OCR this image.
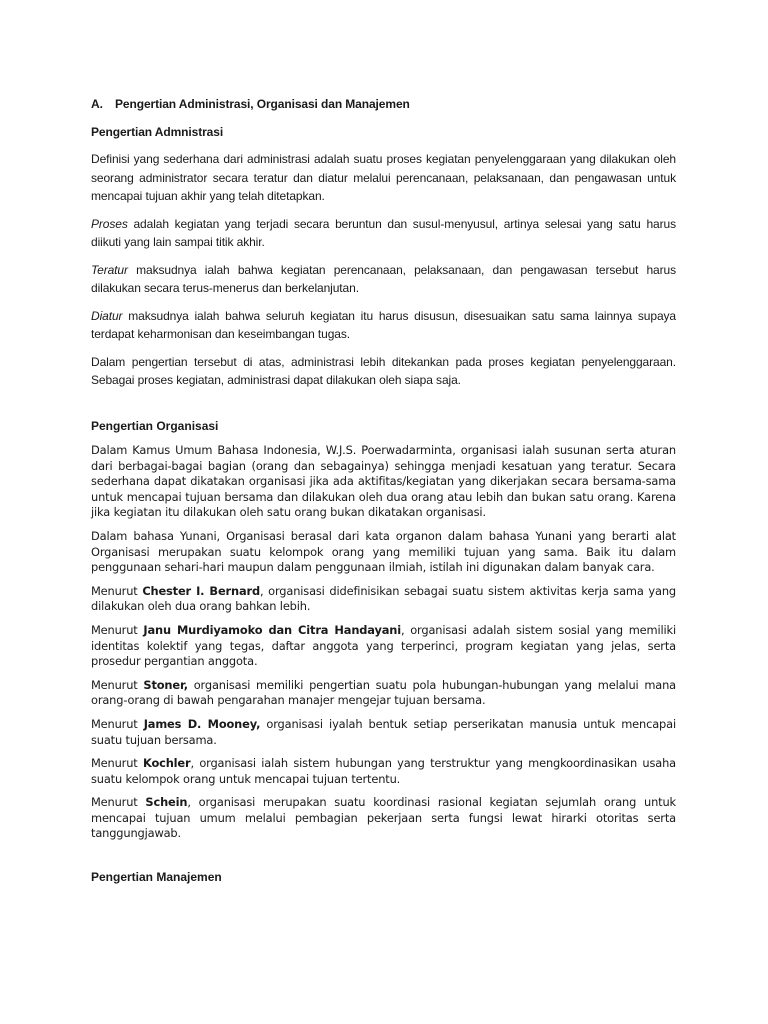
A.	Pengertian Administrasi, Organisasi dan Manajemen
Pengertian Admnistrasi

Definisi yang sederhana dari administrasi adalah suatu proses kegiatan penyelenggaraan yang dilakukan oleh seorang administrator secara teratur dan diatur melalui perencanaan, pelaksanaan, dan pengawasan untuk mencapai tujuan akhir yang telah ditetapkan.

Proses adalah kegiatan yang terjadi secara beruntun dan susul-menyusul, artinya selesai yang satu harus diikuti yang lain sampai titik akhir.

Teratur maksudnya ialah bahwa kegiatan perencanaan, pelaksanaan, dan pengawasan tersebut harus dilakukan secara terus-menerus dan berkelanjutan.

Diatur maksudnya ialah bahwa seluruh kegiatan itu harus disusun, disesuaikan satu sama lainnya supaya terdapat keharmonisan dan keseimbangan tugas.

Dalam pengertian tersebut di atas, administrasi lebih ditekankan pada proses kegiatan penyelenggaraan. Sebagai proses kegiatan, administrasi dapat dilakukan oleh siapa saja.

Pengertian Organisasi

Dalam Kamus Umum Bahasa Indonesia, W.J.S. Poerwadarminta, organisasi ialah susunan serta aturan dari berbagai-bagai bagian (orang dan sebagainya) sehingga menjadi kesatuan yang teratur. Secara sederhana dapat dikatakan organisasi jika ada aktifitas/kegiatan yang dikerjakan secara bersama-sama untuk mencapai tujuan bersama dan dilakukan oleh dua orang atau lebih dan bukan satu orang. Karena jika kegiatan itu dilakukan oleh satu orang bukan dikatakan organisasi.

Dalam bahasa Yunani, Organisasi berasal dari kata organon dalam bahasa Yunani yang berarti alat Organisasi merupakan suatu kelompok orang yang memiliki tujuan yang sama. Baik itu dalam penggunaan sehari-hari maupun dalam penggunaan ilmiah, istilah ini digunakan dalam banyak cara.

Menurut Chester I. Bernard, organisasi didefinisikan sebagai suatu sistem aktivitas kerja sama yang dilakukan oleh dua orang bahkan lebih.

Menurut Janu Murdiyamoko dan Citra Handayani, organisasi adalah sistem sosial yang memiliki identitas kolektif yang tegas, daftar anggota yang terperinci, program kegiatan yang jelas, serta prosedur pergantian anggota.

Menurut Stoner, organisasi memiliki pengertian suatu pola hubungan-hubungan yang melalui mana orang-orang di bawah pengarahan manajer mengejar tujuan bersama.

Menurut James D. Mooney, organisasi iyalah bentuk setiap perserikatan manusia untuk mencapai suatu tujuan bersama.

Menurut Kochler, organisasi ialah sistem hubungan yang terstruktur yang mengkoordinasikan usaha suatu kelompok orang untuk mencapai tujuan tertentu.

Menurut Schein, organisasi merupakan suatu koordinasi rasional kegiatan sejumlah orang untuk mencapai tujuan umum melalui pembagian pekerjaan serta fungsi lewat hirarki otoritas serta tanggungjawab.

Pengertian Manajemen
